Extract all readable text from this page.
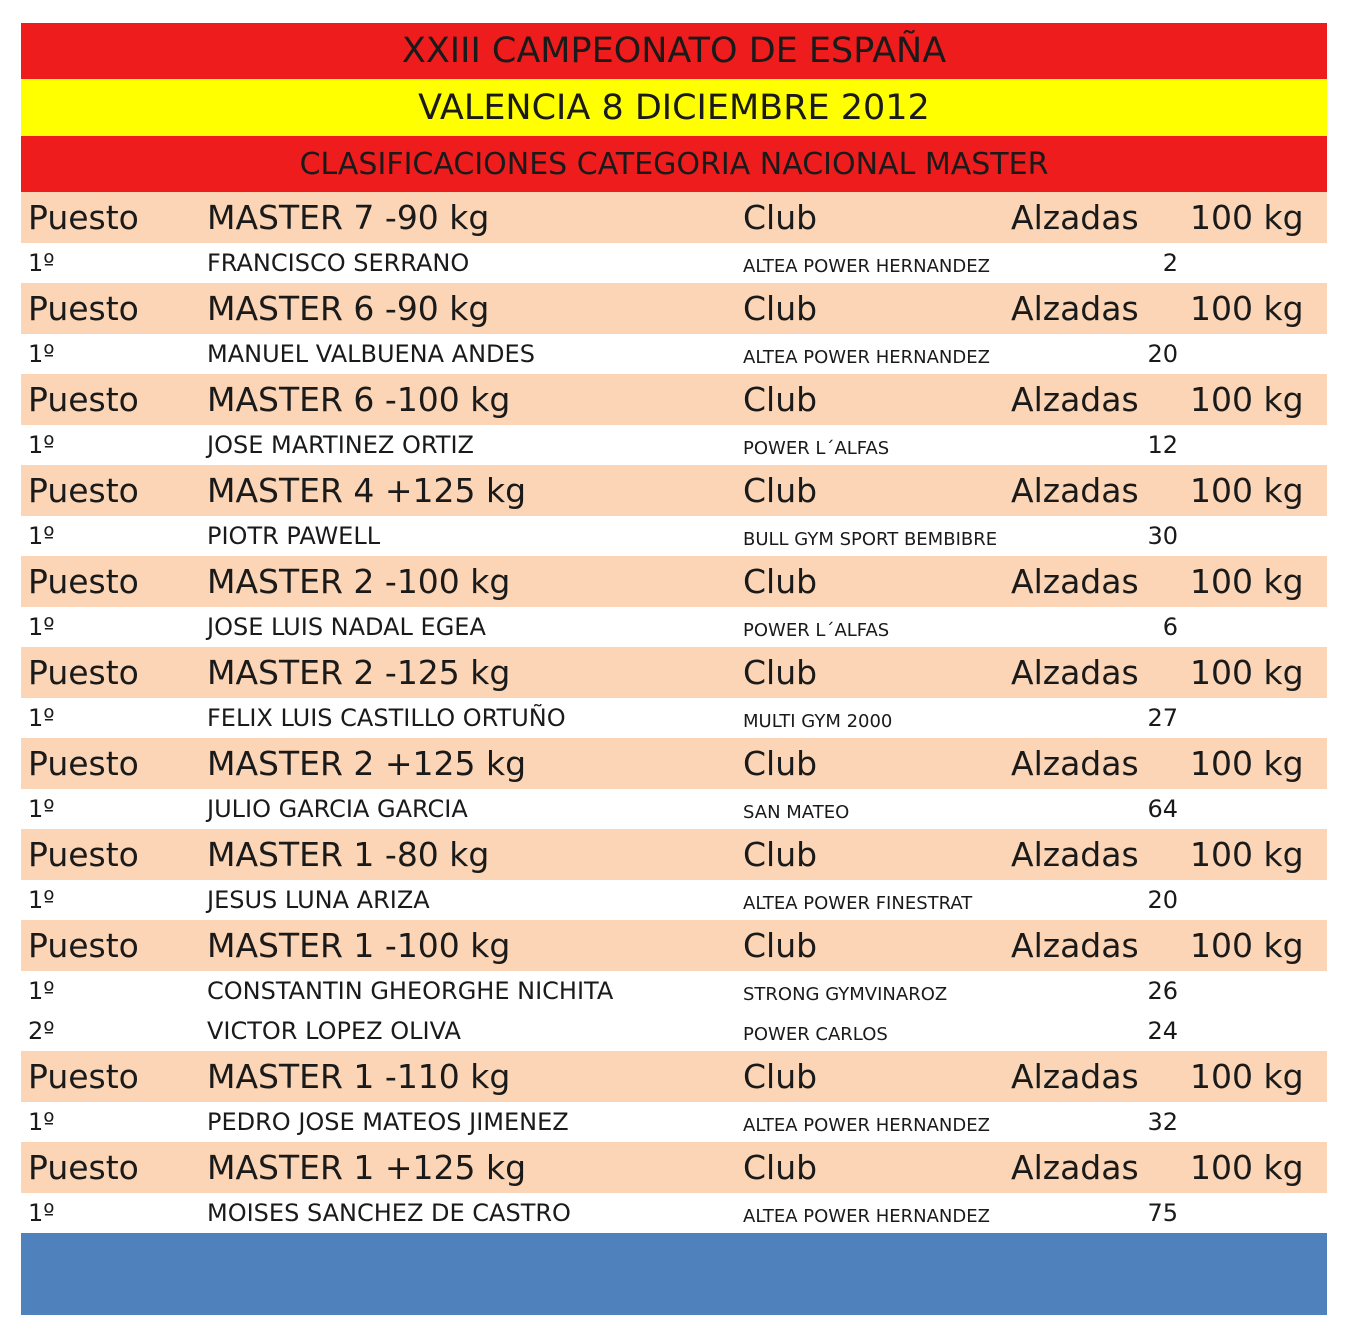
XXIII CAMPEONATO DE ESPAÑA
VALENCIA 8 DICIEMBRE 2012
CLASIFICACIONES CATEGORIA NACIONAL MASTER
Puesto MASTER 7 -90 kg	Club	Alzadas 100 kg
1º	FRANCISCO SERRANO	ALTEA POWER HERNANDEZ	2
Puesto MASTER 6 -90 kg	Club	Alzadas 100 kg
1º	MANUEL VALBUENA ANDES	ALTEA POWER HERNANDEZ	20
Puesto MASTER 6 -100 kg	Club	Alzadas 100 kg
1º	JOSE MARTINEZ ORTIZ	POWER L´ALFAS	12
Puesto MASTER 4 +125 kg	Club	Alzadas 100 kg
1º	PIOTR PAWELL	BULL GYM SPORT BEMBIBRE	30
Puesto MASTER 2 -100 kg	Club	Alzadas 100 kg
1º	JOSE LUIS NADAL EGEA	POWER L´ALFAS	6
Puesto MASTER 2 -125 kg	Club	Alzadas 100 kg
1º	FELIX LUIS CASTILLO ORTUÑO	MULTI GYM 2000	27
Puesto MASTER 2 +125 kg	Club	Alzadas 100 kg
1º	JULIO GARCIA GARCIA	SAN MATEO	64
Puesto MASTER 1 -80 kg	Club	Alzadas 100 kg
1º	JESUS LUNA ARIZA	ALTEA POWER FINESTRAT	20
Puesto MASTER 1 -100 kg	Club	Alzadas 100 kg
1º	CONSTANTIN GHEORGHE NICHITA	STRONG GYMVINAROZ	26
2º	VICTOR LOPEZ OLIVA	POWER CARLOS	24
Puesto MASTER 1 -110 kg	Club	Alzadas 100 kg
1º	PEDRO JOSE MATEOS JIMENEZ	ALTEA POWER HERNANDEZ	32
Puesto MASTER 1 +125 kg	Club	Alzadas 100 kg
1º	MOISES SANCHEZ DE CASTRO	ALTEA POWER HERNANDEZ	75
